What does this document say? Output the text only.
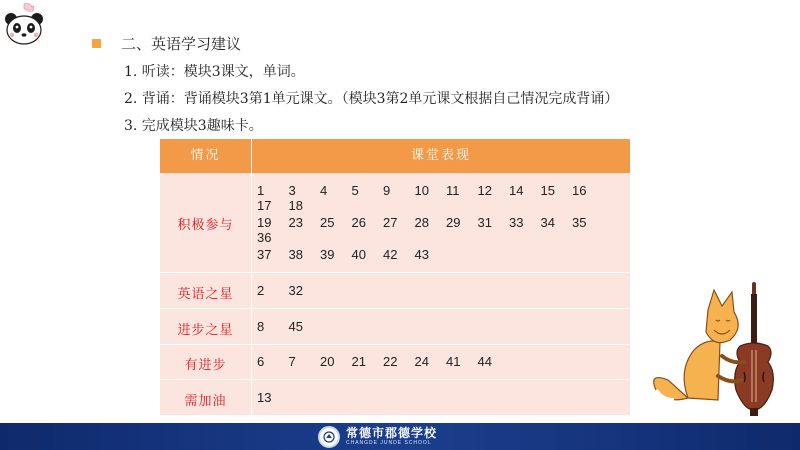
二、英语学习建议
1. 听读：模块3课文，单词。
2. 背诵：背诵模块3第1单元课文。（模块3第2单元课文根据自己情况完成背诵）
3. 完成模块3趣味卡。
情况	课堂表现
积极参与
英语之星
进步之星
有进步
需加油
1 3 4 5 9 10 11 12 14 15 1617 18
19 23 25 26 27 28 29 31 33 34 3536
37 38 39 40 42 43
2 32
8 45
6 7 20 21 22 24 41 44
13
常德市郡德学校
CHANGDE JUNDE SCHOOL
